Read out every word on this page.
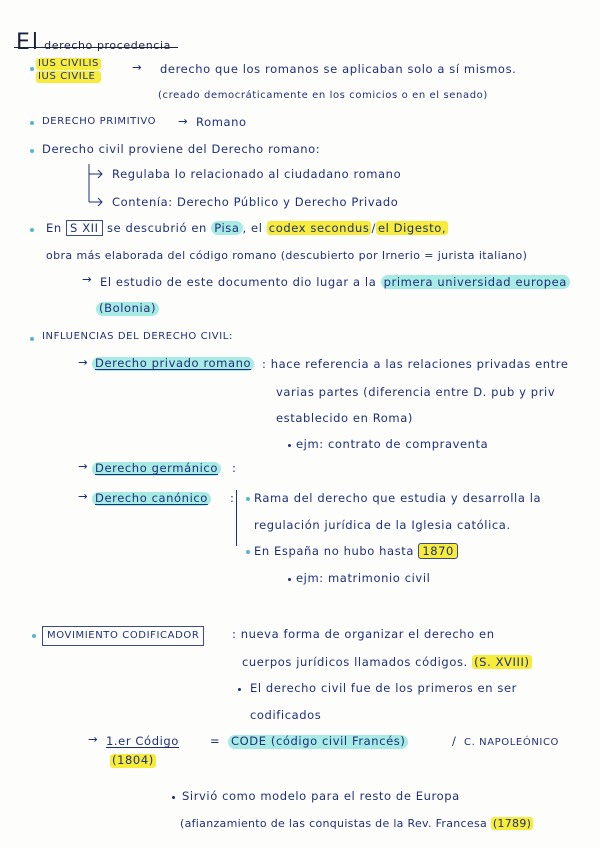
El derecho procedencia
IUS CIVILIS
IUS CIVILE
→ derecho que los romanos se aplicaban solo a sí mismos.
(creado democráticamente en los comicios o en el senado)
DERECHO PRIMITIVO → Romano
Derecho civil proviene del Derecho romano:
Regulaba lo relacionado al ciudadano romano
Contenía: Derecho Público y Derecho Privado
En S XII se descubrió en Pisa , el codex secondus / el Digesto,
obra más elaborada del código romano (descubierto por Irnerio = jurista italiano)
→ El estudio de este documento dio lugar a la primera universidad europea
(Bolonia)
INFLUENCIAS DEL DERECHO CIVIL:
→ Derecho privado romano : hace referencia a las relaciones privadas entre
varias partes (diferencia entre D. pub y priv
establecido en Roma)
ejm: contrato de compraventa
→ Derecho germánico :
→ Derecho canónico : Rama del derecho que estudia y desarrolla la
regulación jurídica de la Iglesia católica.
En España no hubo hasta 1870
ejm: matrimonio civil
MOVIMIENTO CODIFICADOR	: nueva forma de organizar el derecho en
cuerpos jurídicos llamados códigos. (S. XVIII)
El derecho civil fue de los primeros en ser
codificados
→ 1.er Código	= CODE (código civil Francés)	/ C. NAPOLEÓNICO
(1804)
Sirvió como modelo para el resto de Europa
(afianzamiento de las conquistas de la Rev. Francesa (1789)
